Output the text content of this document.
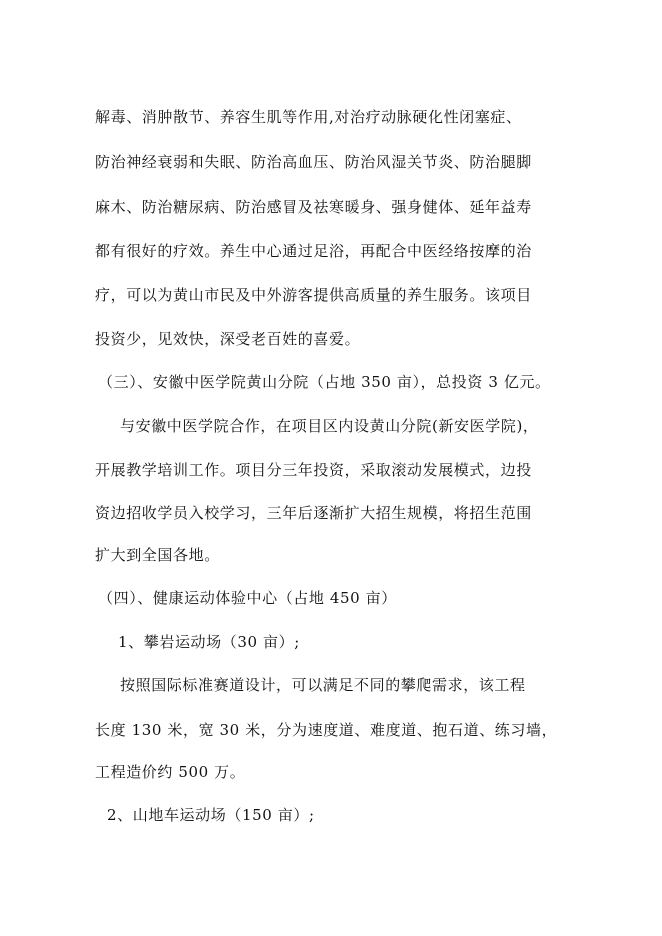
解毒、消肿散节、养容生肌等作用,对治疗动脉硬化性闭塞症、
防治神经衰弱和失眠、防治高血压、防治风湿关节炎、防治腿脚
麻木、防治糖尿病、防治感冒及祛寒暖身、强身健体、延年益寿
都有很好的疗效。养生中心通过足浴，再配合中医经络按摩的治
疗，可以为黄山市民及中外游客提供高质量的养生服务。该项目
投资少，见效快，深受老百姓的喜爱。
（三）、安徽中医学院黄山分院（占地 350 亩），总投资 3 亿元。
与安徽中医学院合作，在项目区内设黄山分院(新安医学院)，
开展教学培训工作。项目分三年投资，采取滚动发展模式，边投
资边招收学员入校学习，三年后逐渐扩大招生规模，将招生范围
扩大到全国各地。
（四）、健康运动体验中心（占地 450 亩）
1、攀岩运动场（30 亩）;
按照国际标准赛道设计，可以满足不同的攀爬需求，该工程
长度 130 米，宽 30 米，分为速度道、难度道、抱石道、练习墙，
工程造价约 500 万。
2、山地车运动场（150 亩）;
